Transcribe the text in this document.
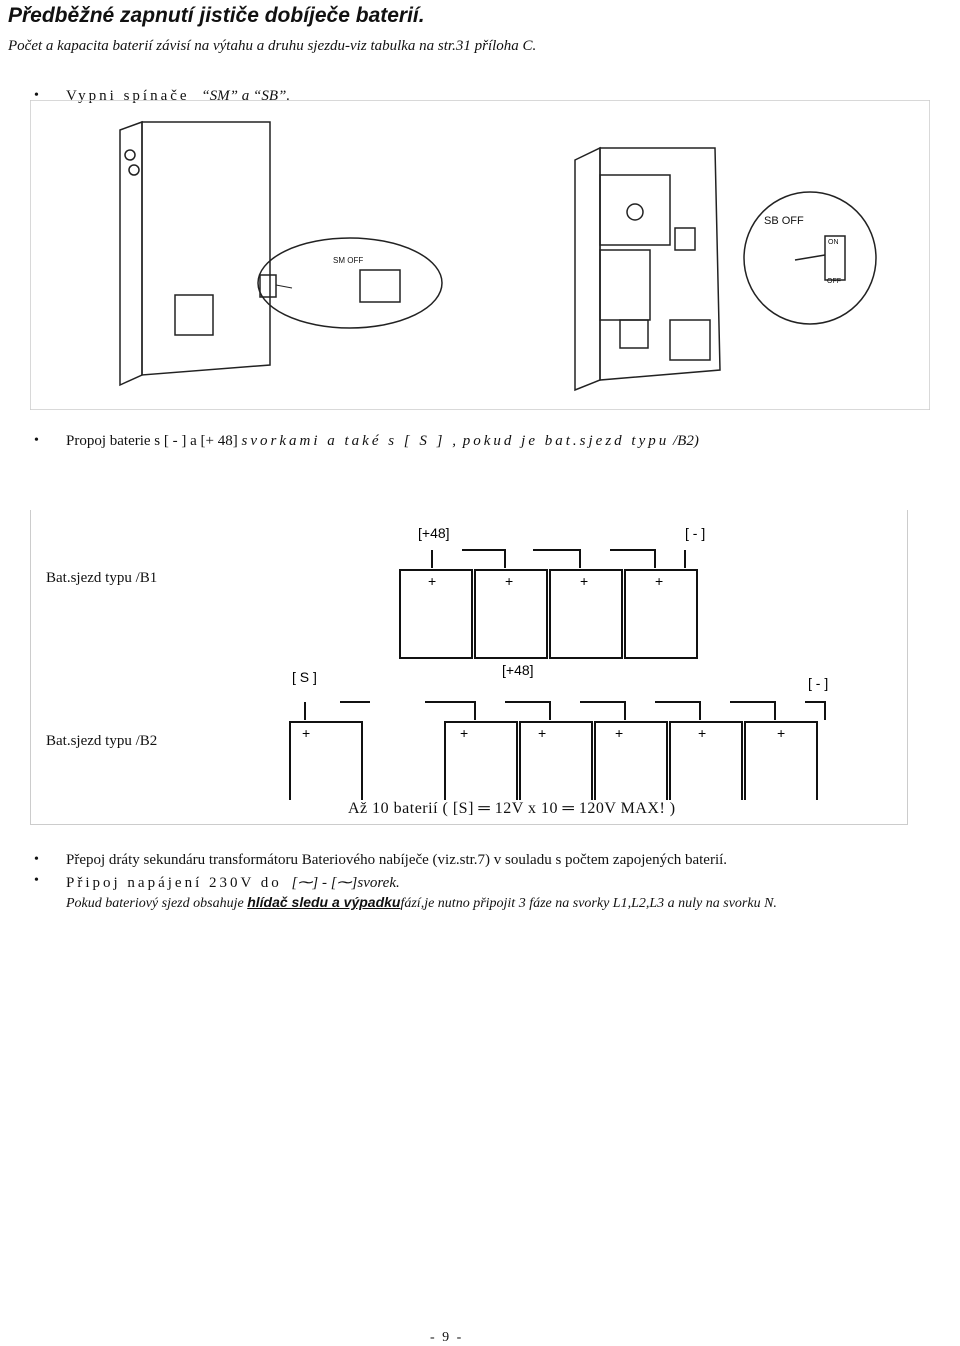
Předběžné zapnutí jističe dobíječe baterií.
Počet a kapacita baterií závisí na výtahu a druhu sjezdu-viz tabulka na str.31 příloha C.
• Vypni spínače “SM” a “SB”.
SM OFF
SB OFF
ON
OFF
• Propoj baterie s [ - ] a [+ 48] svorkami a také s [ S ] , pokud je bat.sjezd typu /B2)
Bat.sjezd typu /B1
Bat.sjezd typu /B2
[+48]	[ - ]
[ S ]	[+48]
[ - ]
+	+	+	+
+	+	+	+	+	+
Až 10 baterií ( [S] ═ 12V x 10 ═ 120V MAX! )
• Přepoj dráty sekundáru transformátoru Bateriového nabíječe (viz.str.7) v souladu s počtem zapojených baterií.
• Připoj napájení 230V do [⁓] - [⁓]svorek.
Pokud bateriový sjezd obsahuje hlídač sledu a výpadkufází,je nutno připojit 3 fáze na svorky L1,L2,L3 a nuly na svorku N.
- 9 -
